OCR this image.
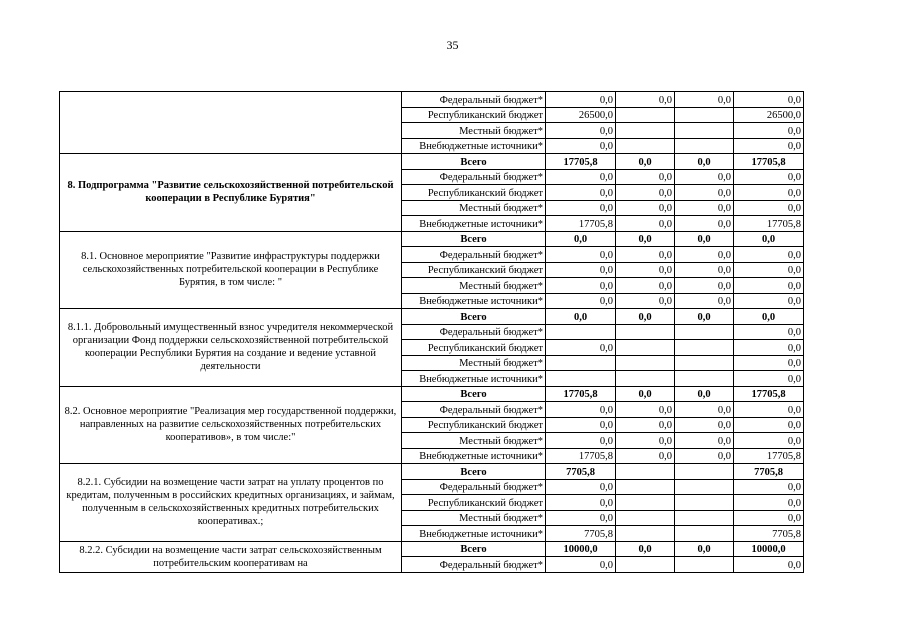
35
	Федеральный бюджет*	0,0	0,0	0,0	0,0
	Республиканский бюджет	26500,0			26500,0
	Местный бюджет*	0,0			0,0
	Внебюджетные источники*	0,0			0,0
8. Подпрограмма "Развитие сельскохозяйственной потребительской кооперации в Республике Бурятия"	Всего	17705,8	0,0	0,0	17705,8
	Федеральный бюджет*	0,0	0,0	0,0	0,0
	Республиканский бюджет	0,0	0,0	0,0	0,0
	Местный бюджет*	0,0	0,0	0,0	0,0
	Внебюджетные источники*	17705,8	0,0	0,0	17705,8
8.1. Основное мероприятие "Развитие инфраструктуры поддержки сельскохозяйственных потребительской кооперации в Республике Бурятия, в том числе: "	Всего	0,0	0,0	0,0	0,0
	Федеральный бюджет*	0,0	0,0	0,0	0,0
	Республиканский бюджет	0,0	0,0	0,0	0,0
	Местный бюджет*	0,0	0,0	0,0	0,0
	Внебюджетные источники*	0,0	0,0	0,0	0,0
8.1.1. Добровольный имущественный взнос учредителя некоммерческой организации Фонд поддержки сельскохозяйственной потребительской кооперации Республики Бурятия на создание и ведение уставной деятельности	Всего	0,0	0,0	0,0	0,0
	Федеральный бюджет*				0,0
	Республиканский бюджет	0,0			0,0
	Местный бюджет*				0,0
	Внебюджетные источники*				0,0
8.2. Основное мероприятие "Реализация мер государственной поддержки, направленных на развитие сельскохозяйственных потребительских кооперативов», в том числе:"	Всего	17705,8	0,0	0,0	17705,8
	Федеральный бюджет*	0,0	0,0	0,0	0,0
	Республиканский бюджет	0,0	0,0	0,0	0,0
	Местный бюджет*	0,0	0,0	0,0	0,0
	Внебюджетные источники*	17705,8	0,0	0,0	17705,8
8.2.1. Субсидии на возмещение части затрат на уплату процентов по кредитам, полученным в российских кредитных организациях, и займам, полученным в сельскохозяйственных кредитных потребительских кооперативах.;	Всего	7705,8			7705,8
	Федеральный бюджет*	0,0			0,0
	Республиканский бюджет	0,0			0,0
	Местный бюджет*	0,0			0,0
	Внебюджетные источники*	7705,8			7705,8
8.2.2. Субсидии на возмещение части затрат сельскохозяйственным потребительским кооперативам на	Всего	10000,0	0,0	0,0	10000,0
	Федеральный бюджет*	0,0			0,0
